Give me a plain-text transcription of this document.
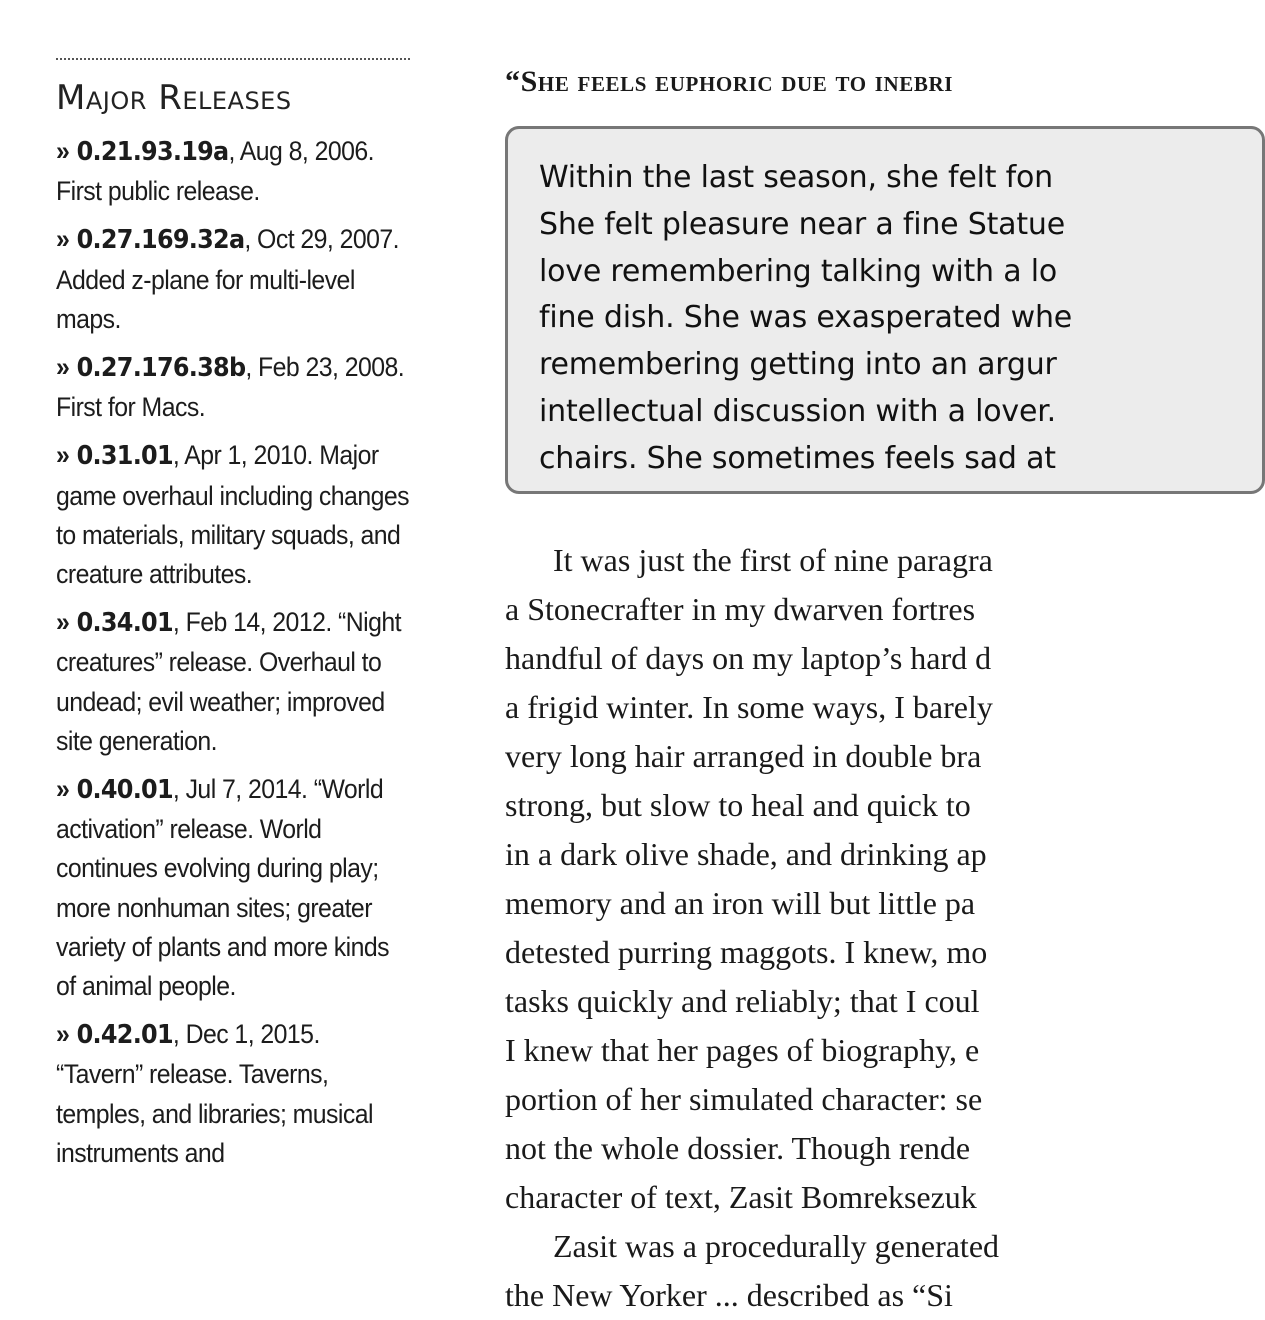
Major Releases

» 0.21.93.19a, Aug 8, 2006. First public release.

» 0.27.169.32a, Oct 29, 2007. Added z-plane for multi-level maps.

» 0.27.176.38b, Feb 23, 2008. First for Macs.

» 0.31.01, Apr 1, 2010. Major game overhaul including changes to materials, military squads, and creature attributes.

» 0.34.01, Feb 14, 2012. “Night creatures” release. Overhaul to undead; evil weather; improved site generation.

» 0.40.01, Jul 7, 2014. “World activation” release. World continues evolving during play; more nonhuman sites; greater variety of plants and more kinds of animal people.

» 0.42.01, Dec 1, 2015. “Tavern” release. Taverns, temples, and libraries; musical instruments and

“She feels euphoric due to inebri
Within the last season, she felt fon
She felt pleasure near a fine Statue
love remembering talking with a lo
fine dish. She was exasperated whe
remembering getting into an argur
intellectual discussion with a lover.
chairs. She sometimes feels sad at
It was just the first of nine paragra
a Stonecrafter in my dwarven fortres
handful of days on my laptop’s hard d
a frigid winter. In some ways, I barely
very long hair arranged in double bra
strong, but slow to heal and quick to
in a dark olive shade, and drinking ap
memory and an iron will but little pa
detested purring maggots. I knew, mo
tasks quickly and reliably; that I coul
I knew that her pages of biography, e
portion of her simulated character: se
not the whole dossier. Though rende
character of text, Zasit Bomreksezuk
Zasit was a procedurally generated
the New Yorker ... described as “Si
